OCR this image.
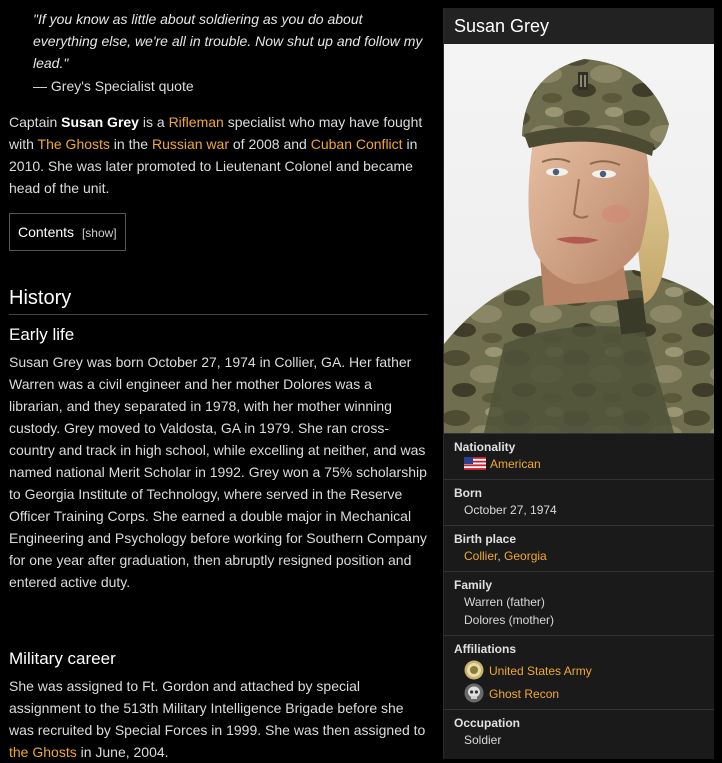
"If you know as little about soldiering as you do about everything else, we're all in trouble. Now shut up and follow my lead."
— Grey's Specialist quote

Captain Susan Grey is a Rifleman specialist who may have fought with The Ghosts in the Russian war of 2008 and Cuban Conflict in 2010. She was later promoted to Lieutenant Colonel and became head of the unit.

Contents [show]
History
Early life

Susan Grey was born October 27, 1974 in Collier, GA. Her father Warren was a civil engineer and her mother Dolores was a librarian, and they separated in 1978, with her mother winning custody. Grey moved to Valdosta, GA in 1979. She ran cross-country and track in high school, while excelling at neither, and was named national Merit Scholar in 1992. Grey won a 75% scholarship to Georgia Institute of Technology, where served in the Reserve Officer Training Corps. She earned a double major in Mechanical Engineering and Psychology before working for Southern Company for one year after graduation, then abruptly resigned position and entered active duty.

Military career

She was assigned to Ft. Gordon and attached by special assignment to the 513th Military Intelligence Brigade before she was recruited by Special Forces in 1999. She was then assigned to the Ghosts in June, 2004.

Susan Grey
Nationality
American
Born
October 27, 1974
Birth place
Collier, Georgia
Family
Warren (father)
Dolores (mother)
Affiliations
United States Army
Ghost Recon
Occupation
Soldier
